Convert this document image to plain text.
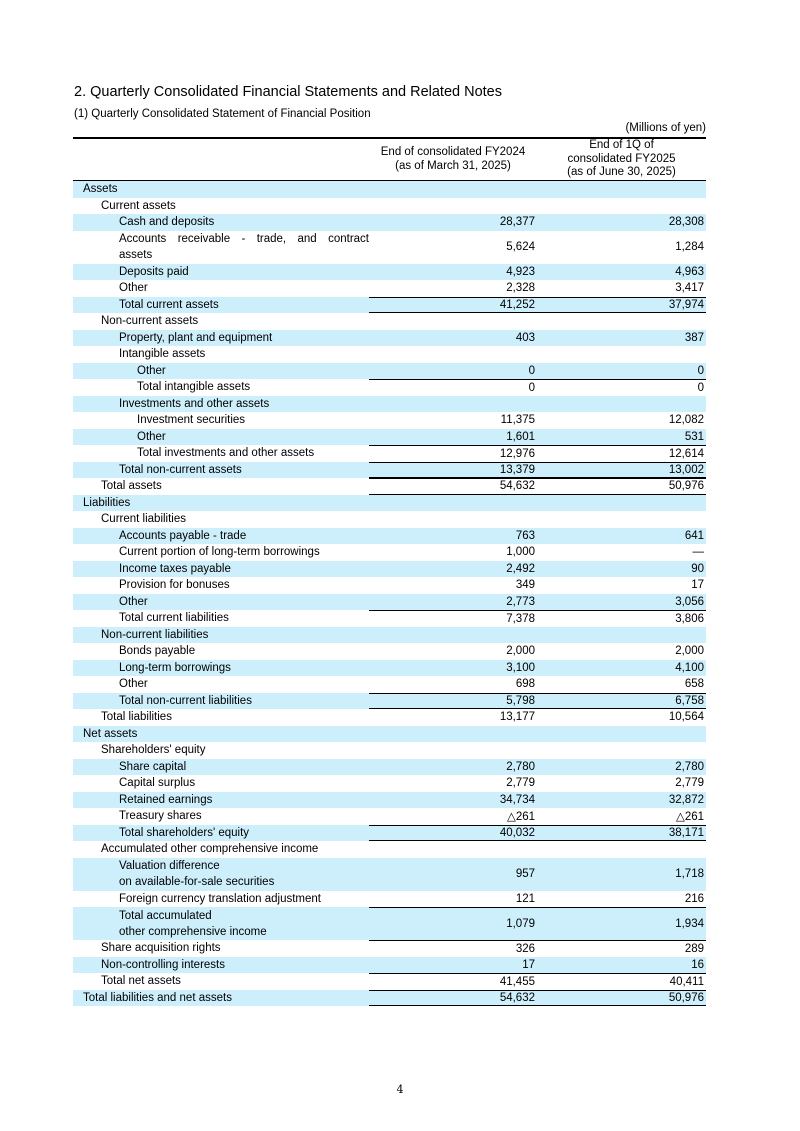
2. Quarterly Consolidated Financial Statements and Related Notes
(1) Quarterly Consolidated Statement of Financial Position
(Millions of yen)
End of consolidated FY2024
(as of March 31, 2025)
End of 1Q of
consolidated FY2025
(as of June 30, 2025)
Assets
Current assets
Cash and deposits	28,377	28,308
Accounts receivable - trade, and contract
assets
5,624	1,284
Deposits paid	4,923	4,963
Other	2,328	3,417
Total current assets	41,252	37,974
Non-current assets
Property, plant and equipment	403	387
Intangible assets
Other	0	0
Total intangible assets	0	0
Investments and other assets
Investment securities	11,375	12,082
Other	1,601	531
Total investments and other assets	12,976	12,614
Total non-current assets	13,379	13,002
Total assets	54,632	50,976
Liabilities
Current liabilities
Accounts payable - trade	763	641
Current portion of long-term borrowings	1,000	―
Income taxes payable	2,492	90
Provision for bonuses	349	17
Other	2,773	3,056
Total current liabilities	7,378	3,806
Non-current liabilities
Bonds payable	2,000	2,000
Long-term borrowings	3,100	4,100
Other	698	658
Total non-current liabilities	5,798	6,758
Total liabilities	13,177	10,564
Net assets
Shareholders' equity
Share capital	2,780	2,780
Capital surplus	2,779	2,779
Retained earnings	34,734	32,872
Treasury shares	△261	△261
Total shareholders' equity	40,032	38,171
Accumulated other comprehensive income
Valuation difference
on available-for-sale securities
957	1,718
Foreign currency translation adjustment	121	216
Total accumulated
other comprehensive income
1,079	1,934
Share acquisition rights	326	289
Non-controlling interests	17	16
Total net assets	41,455	40,411
Total liabilities and net assets	54,632	50,976
4
